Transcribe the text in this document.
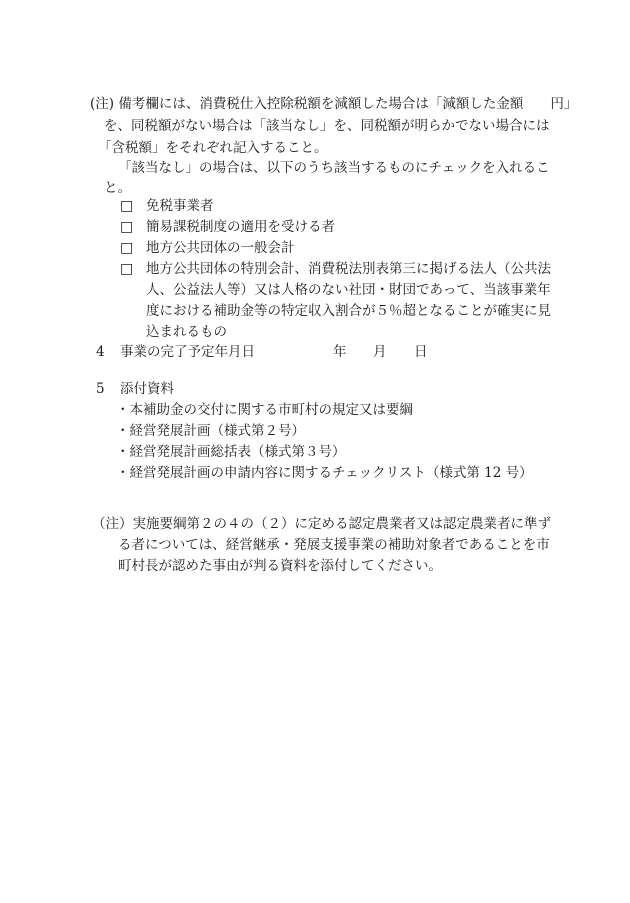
(注) 備考欄には、消費税仕入控除税額を減額した場合は「減額した金額　　円」
を、同税額がない場合は「該当なし」を、同税額が明らかでない場合には
「含税額」をそれぞれ記入すること。
「該当なし」の場合は、以下のうち該当するものにチェックを入れるこ
と。
□ 免税事業者
□ 簡易課税制度の適用を受ける者
□ 地方公共団体の一般会計
□ 地方公共団体の特別会計、消費税法別表第三に掲げる法人（公共法
人、公益法人等）又は人格のない社団・財団であって、当該事業年
度における補助金等の特定収入割合が５％超となることが確実に見
込まれるもの
4 事業の完了予定年月日	年 月 日
5 添付資料
・本補助金の交付に関する市町村の規定又は要綱
・経営発展計画（様式第２号）
・経営発展計画総括表（様式第３号）
・経営発展計画の申請内容に関するチェックリスト（様式第 12 号）
（注）実施要綱第２の４の（２）に定める認定農業者又は認定農業者に準ず
る者については、経営継承・発展支援事業の補助対象者であることを市
町村長が認めた事由が判る資料を添付してください。
